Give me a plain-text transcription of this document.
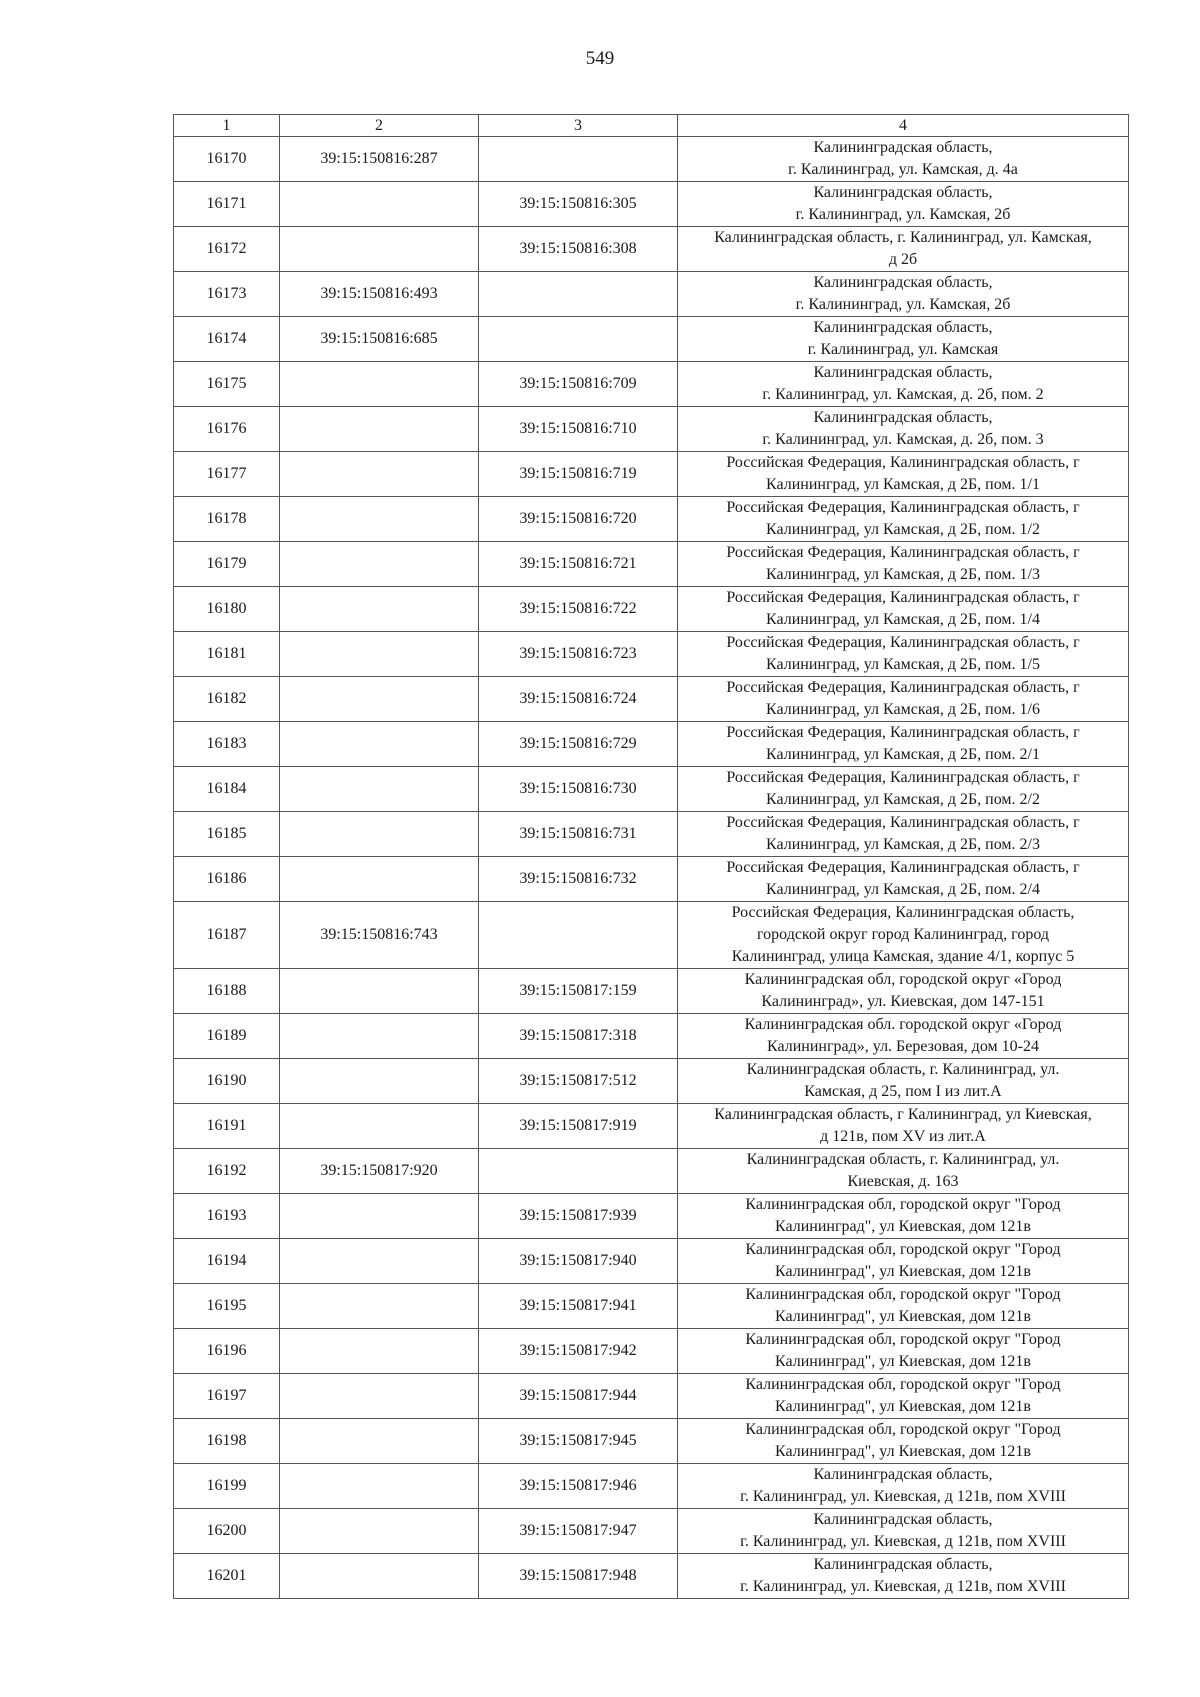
549
1	2	3	4
16170	39:15:150816:287		Калининградская область,
г. Калининград, ул. Камская, д. 4а
16171		39:15:150816:305	Калининградская область,
г. Калининград, ул. Камская, 2б
16172		39:15:150816:308	Калининградская область, г. Калининград, ул. Камская,
д 2б
16173	39:15:150816:493		Калининградская область,
г. Калининград, ул. Камская, 2б
16174	39:15:150816:685		Калининградская область,
г. Калининград, ул. Камская
16175		39:15:150816:709	Калининградская область,
г. Калининград, ул. Камская, д. 2б, пом. 2
16176		39:15:150816:710	Калининградская область,
г. Калининград, ул. Камская, д. 2б, пом. 3
16177		39:15:150816:719	Российская Федерация, Калининградская область, г
Калининград, ул Камская, д 2Б, пом. 1/1
16178		39:15:150816:720	Российская Федерация, Калининградская область, г
Калининград, ул Камская, д 2Б, пом. 1/2
16179		39:15:150816:721	Российская Федерация, Калининградская область, г
Калининград, ул Камская, д 2Б, пом. 1/3
16180		39:15:150816:722	Российская Федерация, Калининградская область, г
Калининград, ул Камская, д 2Б, пом. 1/4
16181		39:15:150816:723	Российская Федерация, Калининградская область, г
Калининград, ул Камская, д 2Б, пом. 1/5
16182		39:15:150816:724	Российская Федерация, Калининградская область, г
Калининград, ул Камская, д 2Б, пом. 1/6
16183		39:15:150816:729	Российская Федерация, Калининградская область, г
Калининград, ул Камская, д 2Б, пом. 2/1
16184		39:15:150816:730	Российская Федерация, Калининградская область, г
Калининград, ул Камская, д 2Б, пом. 2/2
16185		39:15:150816:731	Российская Федерация, Калининградская область, г
Калининград, ул Камская, д 2Б, пом. 2/3
16186		39:15:150816:732	Российская Федерация, Калининградская область, г
Калининград, ул Камская, д 2Б, пом. 2/4
16187	39:15:150816:743		Российская Федерация, Калининградская область,
городской округ город Калининград, город
Калининград, улица Камская, здание 4/1, корпус 5
16188		39:15:150817:159	Калининградская обл, городской округ «Город
Калининград», ул. Киевская, дом 147-151
16189		39:15:150817:318	Калининградская обл. городской округ «Город
Калининград», ул. Березовая, дом 10-24
16190		39:15:150817:512	Калининградская область, г. Калининград, ул.
Камская, д 25, пом I из лит.А
16191		39:15:150817:919	Калининградская область, г Калининград, ул Киевская,
д 121в, пом XV из лит.А
16192	39:15:150817:920		Калининградская область, г. Калининград, ул.
Киевская, д. 163
16193		39:15:150817:939	Калининградская обл, городской округ "Город
Калининград", ул Киевская, дом 121в
16194		39:15:150817:940	Калининградская обл, городской округ "Город
Калининград", ул Киевская, дом 121в
16195		39:15:150817:941	Калининградская обл, городской округ "Город
Калининград", ул Киевская, дом 121в
16196		39:15:150817:942	Калининградская обл, городской округ "Город
Калининград", ул Киевская, дом 121в
16197		39:15:150817:944	Калининградская обл, городской округ "Город
Калининград", ул Киевская, дом 121в
16198		39:15:150817:945	Калининградская обл, городской округ "Город
Калининград", ул Киевская, дом 121в
16199		39:15:150817:946	Калининградская область,
г. Калининград, ул. Киевская, д 121в, пом XVIII
16200		39:15:150817:947	Калининградская область,
г. Калининград, ул. Киевская, д 121в, пом XVIII
16201		39:15:150817:948	Калининградская область,
г. Калининград, ул. Киевская, д 121в, пом XVIII
